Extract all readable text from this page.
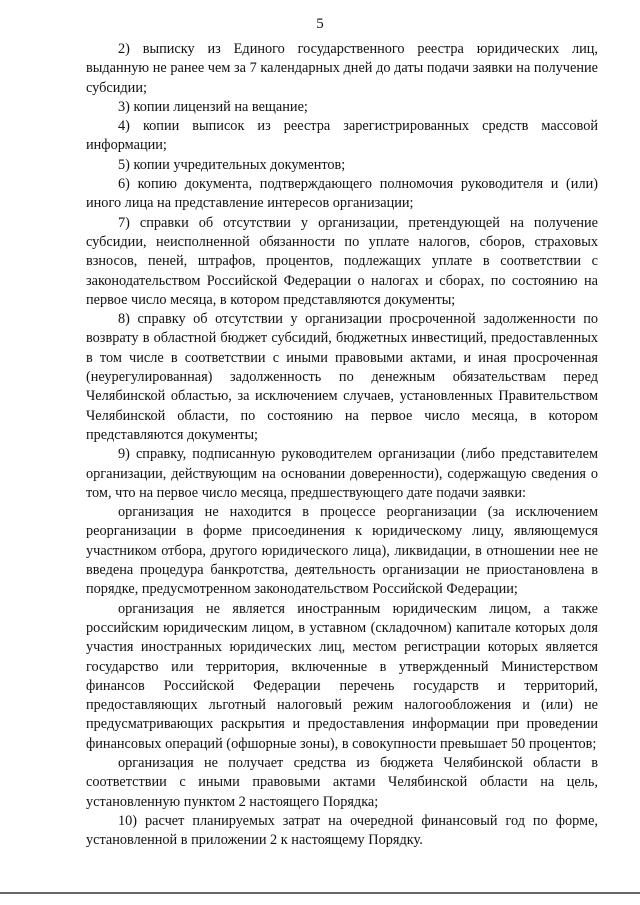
5

2) выписку из Единого государственного реестра юридических лиц, выданную не ранее чем за 7 календарных дней до даты подачи заявки на получение субсидии;

3) копии лицензий на вещание;

4) копии выписок из реестра зарегистрированных средств массовой информации;

5) копии учредительных документов;

6) копию документа, подтверждающего полномочия руководителя и (или) иного лица на представление интересов организации;

7) справки об отсутствии у организации, претендующей на получение субсидии, неисполненной обязанности по уплате налогов, сборов, страховых взносов, пеней, штрафов, процентов, подлежащих уплате в соответствии с законодательством Российской Федерации о налогах и сборах, по состоянию на первое число месяца, в котором представляются документы;

8) справку об отсутствии у организации просроченной задолженности по возврату в областной бюджет субсидий, бюджетных инвестиций, предоставленных в том числе в соответствии с иными правовыми актами, и иная просроченная (неурегулированная) задолженность по денежным обязательствам перед Челябинской областью, за исключением случаев, установленных Правительством Челябинской области, по состоянию на первое число месяца, в котором представляются документы;

9) справку, подписанную руководителем организации (либо представителем организации, действующим на основании доверенности), содержащую сведения о том, что на первое число месяца, предшествующего дате подачи заявки:

организация не находится в процессе реорганизации (за исключением реорганизации в форме присоединения к юридическому лицу, являющемуся участником отбора, другого юридического лица), ликвидации, в отношении нее не введена процедура банкротства, деятельность организации не приостановлена в порядке, предусмотренном законодательством Российской Федерации;

организация не является иностранным юридическим лицом, а также российским юридическим лицом, в уставном (складочном) капитале которых доля участия иностранных юридических лиц, местом регистрации которых является государство или территория, включенные в утвержденный Министерством финансов Российской Федерации перечень государств и территорий, предоставляющих льготный налоговый режим налогообложения и (или) не предусматривающих раскрытия и предоставления информации при проведении финансовых операций (офшорные зоны), в совокупности превышает 50 процентов;

организация не получает средства из бюджета Челябинской области в соответствии с иными правовыми актами Челябинской области на цель, установленную пунктом 2 настоящего Порядка;

10) расчет планируемых затрат на очередной финансовый год по форме, установленной в приложении 2 к настоящему Порядку.
